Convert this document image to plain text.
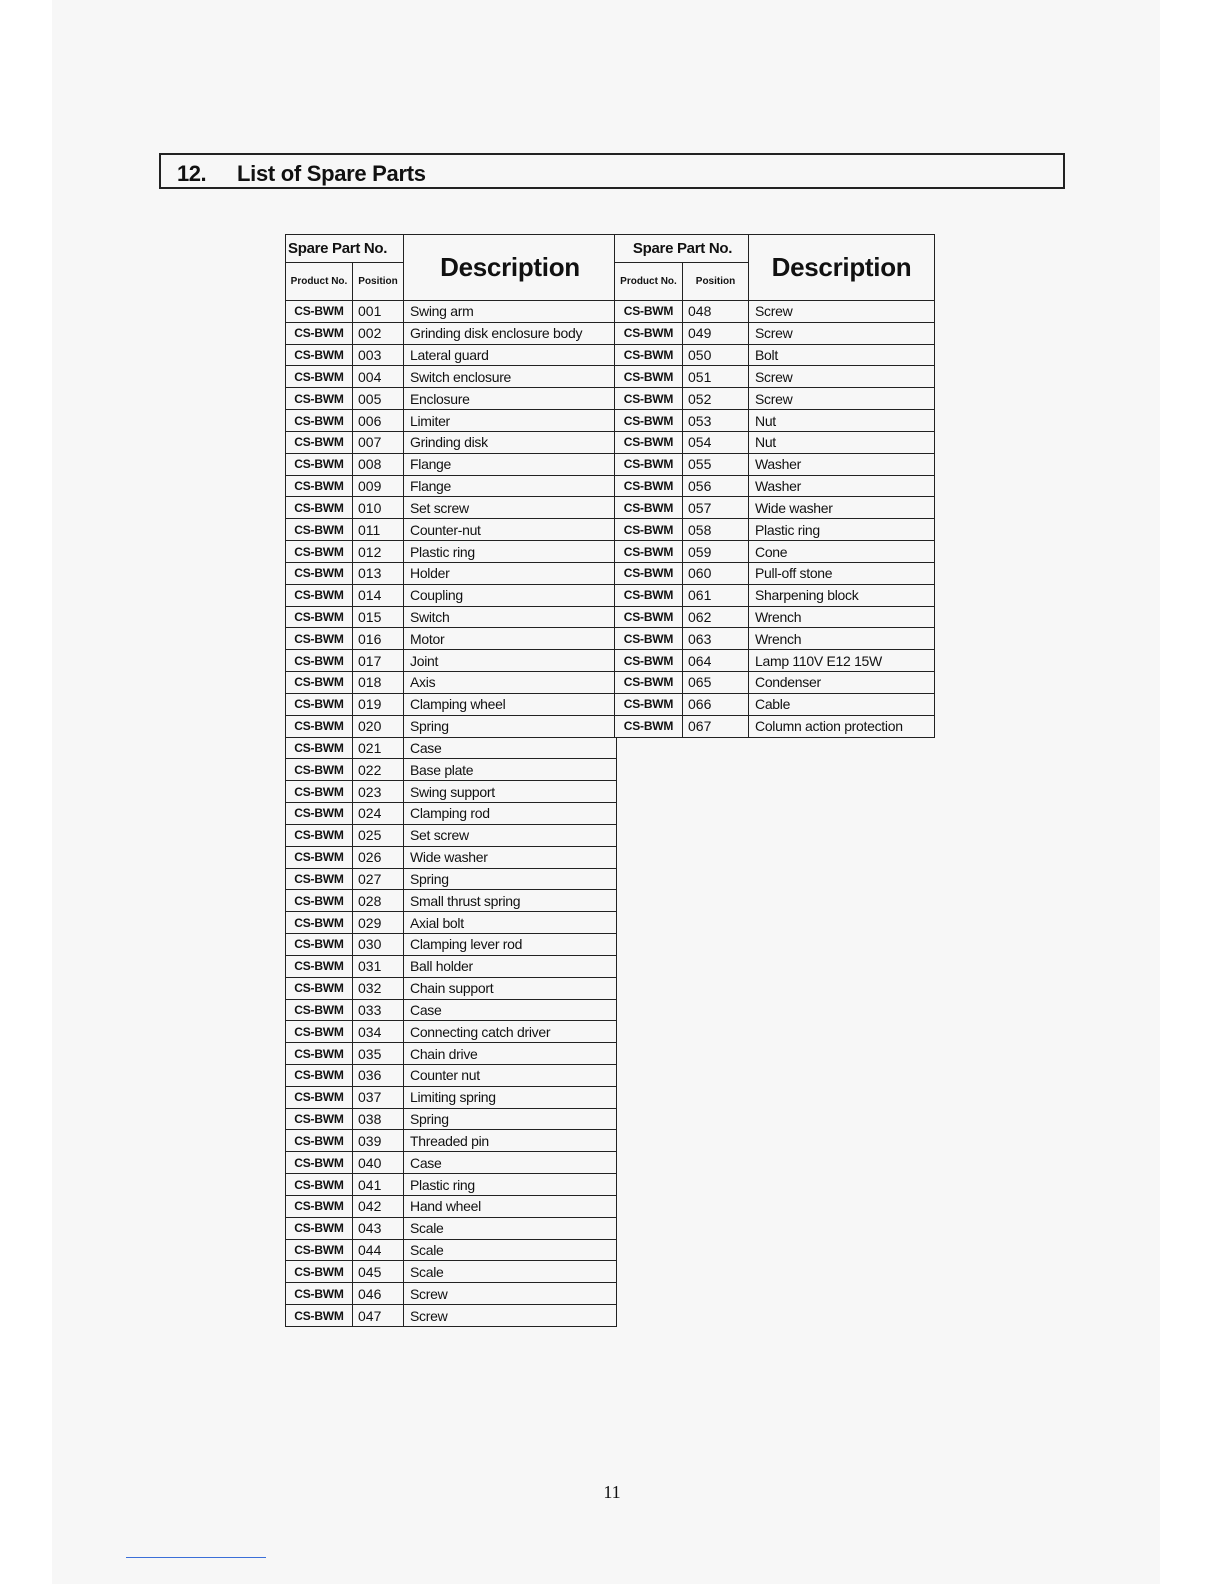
12. List of Spare Parts
Spare Part No.		Description
Product No.	Position	
CS-BWM	001	Swing arm
CS-BWM	002	Grinding disk enclosure body
CS-BWM	003	Lateral guard
CS-BWM	004	Switch enclosure
CS-BWM	005	Enclosure
CS-BWM	006	Limiter
CS-BWM	007	Grinding disk
CS-BWM	008	Flange
CS-BWM	009	Flange
CS-BWM	010	Set screw
CS-BWM	011	Counter-nut
CS-BWM	012	Plastic ring
CS-BWM	013	Holder
CS-BWM	014	Coupling
CS-BWM	015	Switch
CS-BWM	016	Motor
CS-BWM	017	Joint
CS-BWM	018	Axis
CS-BWM	019	Clamping wheel
CS-BWM	020	Spring
CS-BWM	021	Case
CS-BWM	022	Base plate
CS-BWM	023	Swing support
CS-BWM	024	Clamping rod
CS-BWM	025	Set screw
CS-BWM	026	Wide washer
CS-BWM	027	Spring
CS-BWM	028	Small thrust spring
CS-BWM	029	Axial bolt
CS-BWM	030	Clamping lever rod
CS-BWM	031	Ball holder
CS-BWM	032	Chain support
CS-BWM	033	Case
CS-BWM	034	Connecting catch driver
CS-BWM	035	Chain drive
CS-BWM	036	Counter nut
CS-BWM	037	Limiting spring
CS-BWM	038	Spring
CS-BWM	039	Threaded pin
CS-BWM	040	Case
CS-BWM	041	Plastic ring
CS-BWM	042	Hand wheel
CS-BWM	043	Scale
CS-BWM	044	Scale
CS-BWM	045	Scale
CS-BWM	046	Screw
CS-BWM	047	Screw
Spare Part No.		Description
Product No.	Position	
CS-BWM	048	Screw
CS-BWM	049	Screw
CS-BWM	050	Bolt
CS-BWM	051	Screw
CS-BWM	052	Screw
CS-BWM	053	Nut
CS-BWM	054	Nut
CS-BWM	055	Washer
CS-BWM	056	Washer
CS-BWM	057	Wide washer
CS-BWM	058	Plastic ring
CS-BWM	059	Cone
CS-BWM	060	Pull-off stone
CS-BWM	061	Sharpening block
CS-BWM	062	Wrench
CS-BWM	063	Wrench
CS-BWM	064	Lamp 110V E12 15W
CS-BWM	065	Condenser
CS-BWM	066	Cable
CS-BWM	067	Column action protection
11
